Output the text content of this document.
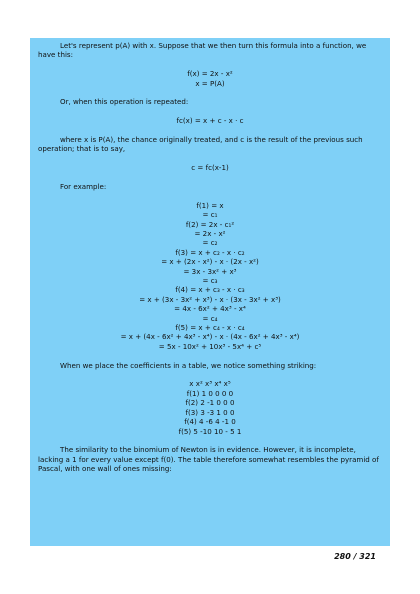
Let's represent p(A) with x. Suppose that we then turn this formula into a function, we have this:

f(x) = 2x - x²
x = P(A)

Or, when this operation is repeated:

fc(x) = x + c - x · c

where x is P(A), the chance originally treated, and c is the result of the previous such operation; that is to say,

c = fc(x-1)

For example:

f(1) = x
= c₁
f(2) = 2x - c₁²
= 2x - x²
= c₂
f(3) = x + c₂ - x · c₂
= x + (2x - x²) - x · (2x - x²)
= 3x - 3x² + x³
= c₃
f(4) = x + c₃ - x · c₃
= x + (3x - 3x² + x³) - x · (3x - 3x² + x³)
= 4x - 6x² + 4x³ - x⁴
= c₄
f(5) = x + c₄ - x · c₄
= x + (4x - 6x² + 4x³ - x⁴) - x · (4x - 6x² + 4x³ - x⁴)
= 5x - 10x² + 10x³ - 5x⁴ + c⁵

When we place the coefficients in a table, we notice something striking:

x x² x³ x⁴ x⁵
f(1) 1 0 0 0 0
f(2) 2 -1 0 0 0
f(3) 3 -3 1 0 0
f(4) 4 -6 4 -1 0
f(5) 5 -10 10 - 5 1

The similarity to the binomium of Newton is in evidence. However, it is incomplete, lacking a 1 for every value except f(0). The table therefore somewhat resembles the pyramid of Pascal, with one wall of ones missing:

280 / 321
